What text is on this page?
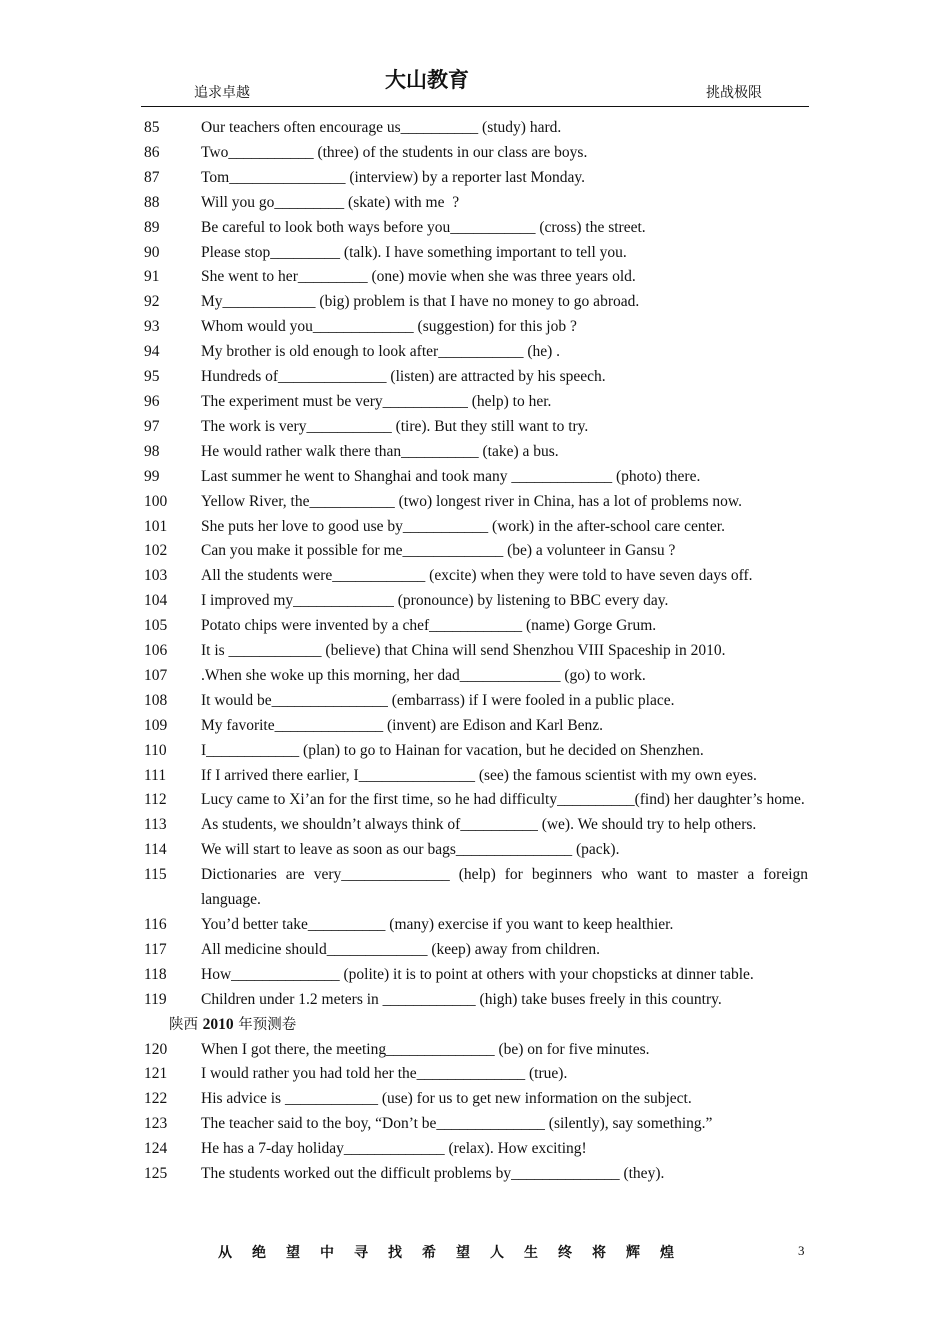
追求卓越
大山教育
挑战极限
85	Our teachers often encourage us__________ (study) hard.
86	Two___________ (three) of the students in our class are boys.
87	Tom_______________ (interview) by a reporter last Monday.
88	Will you go_________ (skate) with me  ?
89	Be careful to look both ways before you___________ (cross) the street.
90	Please stop_________ (talk). I have something important to tell you.
91	She went to her_________ (one) movie when she was three years old.
92	My____________ (big) problem is that I have no money to go abroad.
93	Whom would you_____________ (suggestion) for this job ?
94	My brother is old enough to look after___________ (he) .
95	Hundreds of______________ (listen) are attracted by his speech.
96	The experiment must be very___________ (help) to her.
97	The work is very___________ (tire). But they still want to try.
98	He would rather walk there than__________ (take) a bus.
99	Last summer he went to Shanghai and took many _____________ (photo) there.
100	Yellow River, the___________ (two) longest river in China, has a lot of problems now.
101	She puts her love to good use by___________ (work) in the after-school care center.
102	Can you make it possible for me_____________ (be) a volunteer in Gansu ?
103	All the students were____________ (excite) when they were told to have seven days off.
104	I improved my_____________ (pronounce) by listening to BBC every day.
105	Potato chips were invented by a chef____________ (name) Gorge Grum.
106	It is ____________ (believe) that China will send Shenzhou VIII Spaceship in 2010.
107	.When she woke up this morning, her dad_____________ (go) to work.
108	It would be_______________ (embarrass) if I were fooled in a public place.
109	My favorite______________ (invent) are Edison and Karl Benz.
110	I____________ (plan) to go to Hainan for vacation, but he decided on Shenzhen.
111	If I arrived there earlier, I_______________ (see) the famous scientist with my own eyes.
112	Lucy came to Xi’an for the first time, so he had difficulty__________(find) her daughter’s home.
113	As students, we shouldn’t always think of__________ (we). We should try to help others.
114	We will start to leave as soon as our bags_______________ (pack).
115	Dictionaries are very______________ (help) for beginners who want to master a foreign language.
116	You’d better take__________ (many) exercise if you want to keep healthier.
117	All medicine should_____________ (keep) away from children.
118	How______________ (polite) it is to point at others with your chopsticks at dinner table.
119	Children under 1.2 meters in ____________ (high) take buses freely in this country.
陕西 2010 年预测卷
120	When I got there, the meeting______________ (be) on for five minutes.
121	I would rather you had told her the______________ (true).
122	His advice is ____________ (use) for us to get new information on the subject.
123	The teacher said to the boy, “Don’t be______________ (silently), say something.”
124	He has a 7-day holiday_____________ (relax). How exciting!
125	The students worked out the difficult problems by______________ (they).
从绝望中寻找希望人生终将辉煌	3
